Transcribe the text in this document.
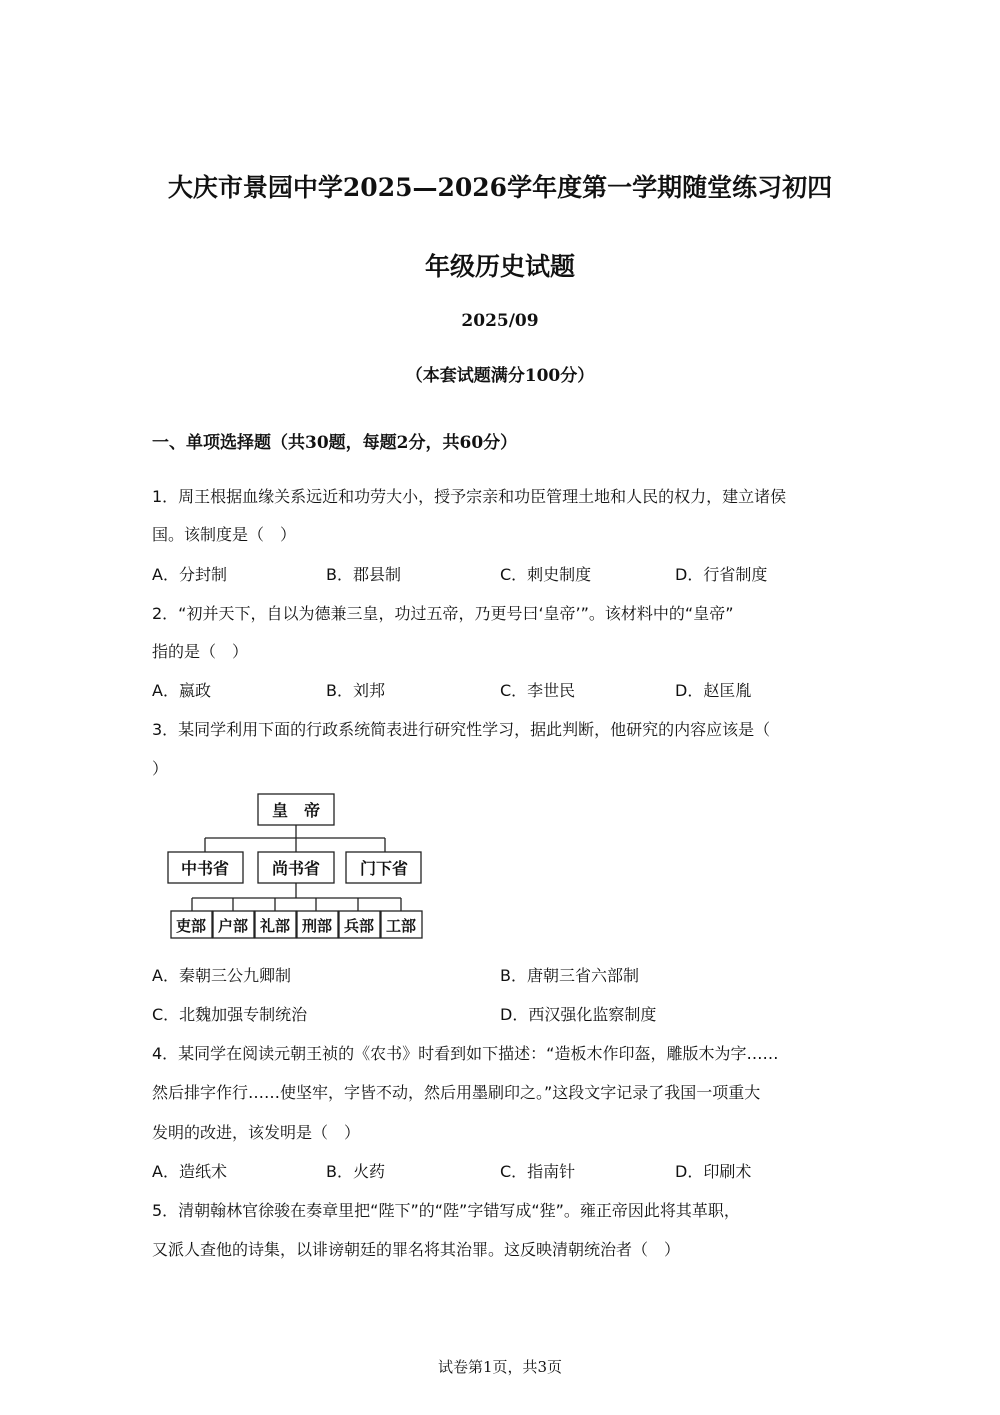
大庆市景园中学2025—2026学年度第一学期随堂练习初四
年级历史试题
2025/09
（本套试题满分100分）
一、单项选择题（共30题，每题2分，共60分）
1．周王根据血缘关系远近和功劳大小，授予宗亲和功臣管理土地和人民的权力，建立诸侯
国。该制度是（　）
A．分封制	B．郡县制	C．刺史制度	D．行省制度
2．“初并天下，自以为德兼三皇，功过五帝，乃更号曰‘皇帝’”。该材料中的“皇帝”
指的是（　）
A．嬴政	B．刘邦	C．李世民	D．赵匡胤
3．某同学利用下面的行政系统简表进行研究性学习，据此判断，他研究的内容应该是（
）
皇　帝
中书省	尚书省 门下省
吏部 户部 礼部 刑部 兵部 工部
A．秦朝三公九卿制	B．唐朝三省六部制
C．北魏加强专制统治	D．西汉强化监察制度
4．某同学在阅读元朝王祯的《农书》时看到如下描述：“造板木作印盔，雕版木为字……
然后排字作行……使坚牢，字皆不动，然后用墨刷印之。”这段文字记录了我国一项重大
发明的改进，该发明是（　）
A．造纸术	B．火药	C．指南针	D．印刷术
5．清朝翰林官徐骏在奏章里把“陛下”的“陛”字错写成“狴”。雍正帝因此将其革职，
又派人查他的诗集，以诽谤朝廷的罪名将其治罪。这反映清朝统治者（　）
试卷第1页，共3页
